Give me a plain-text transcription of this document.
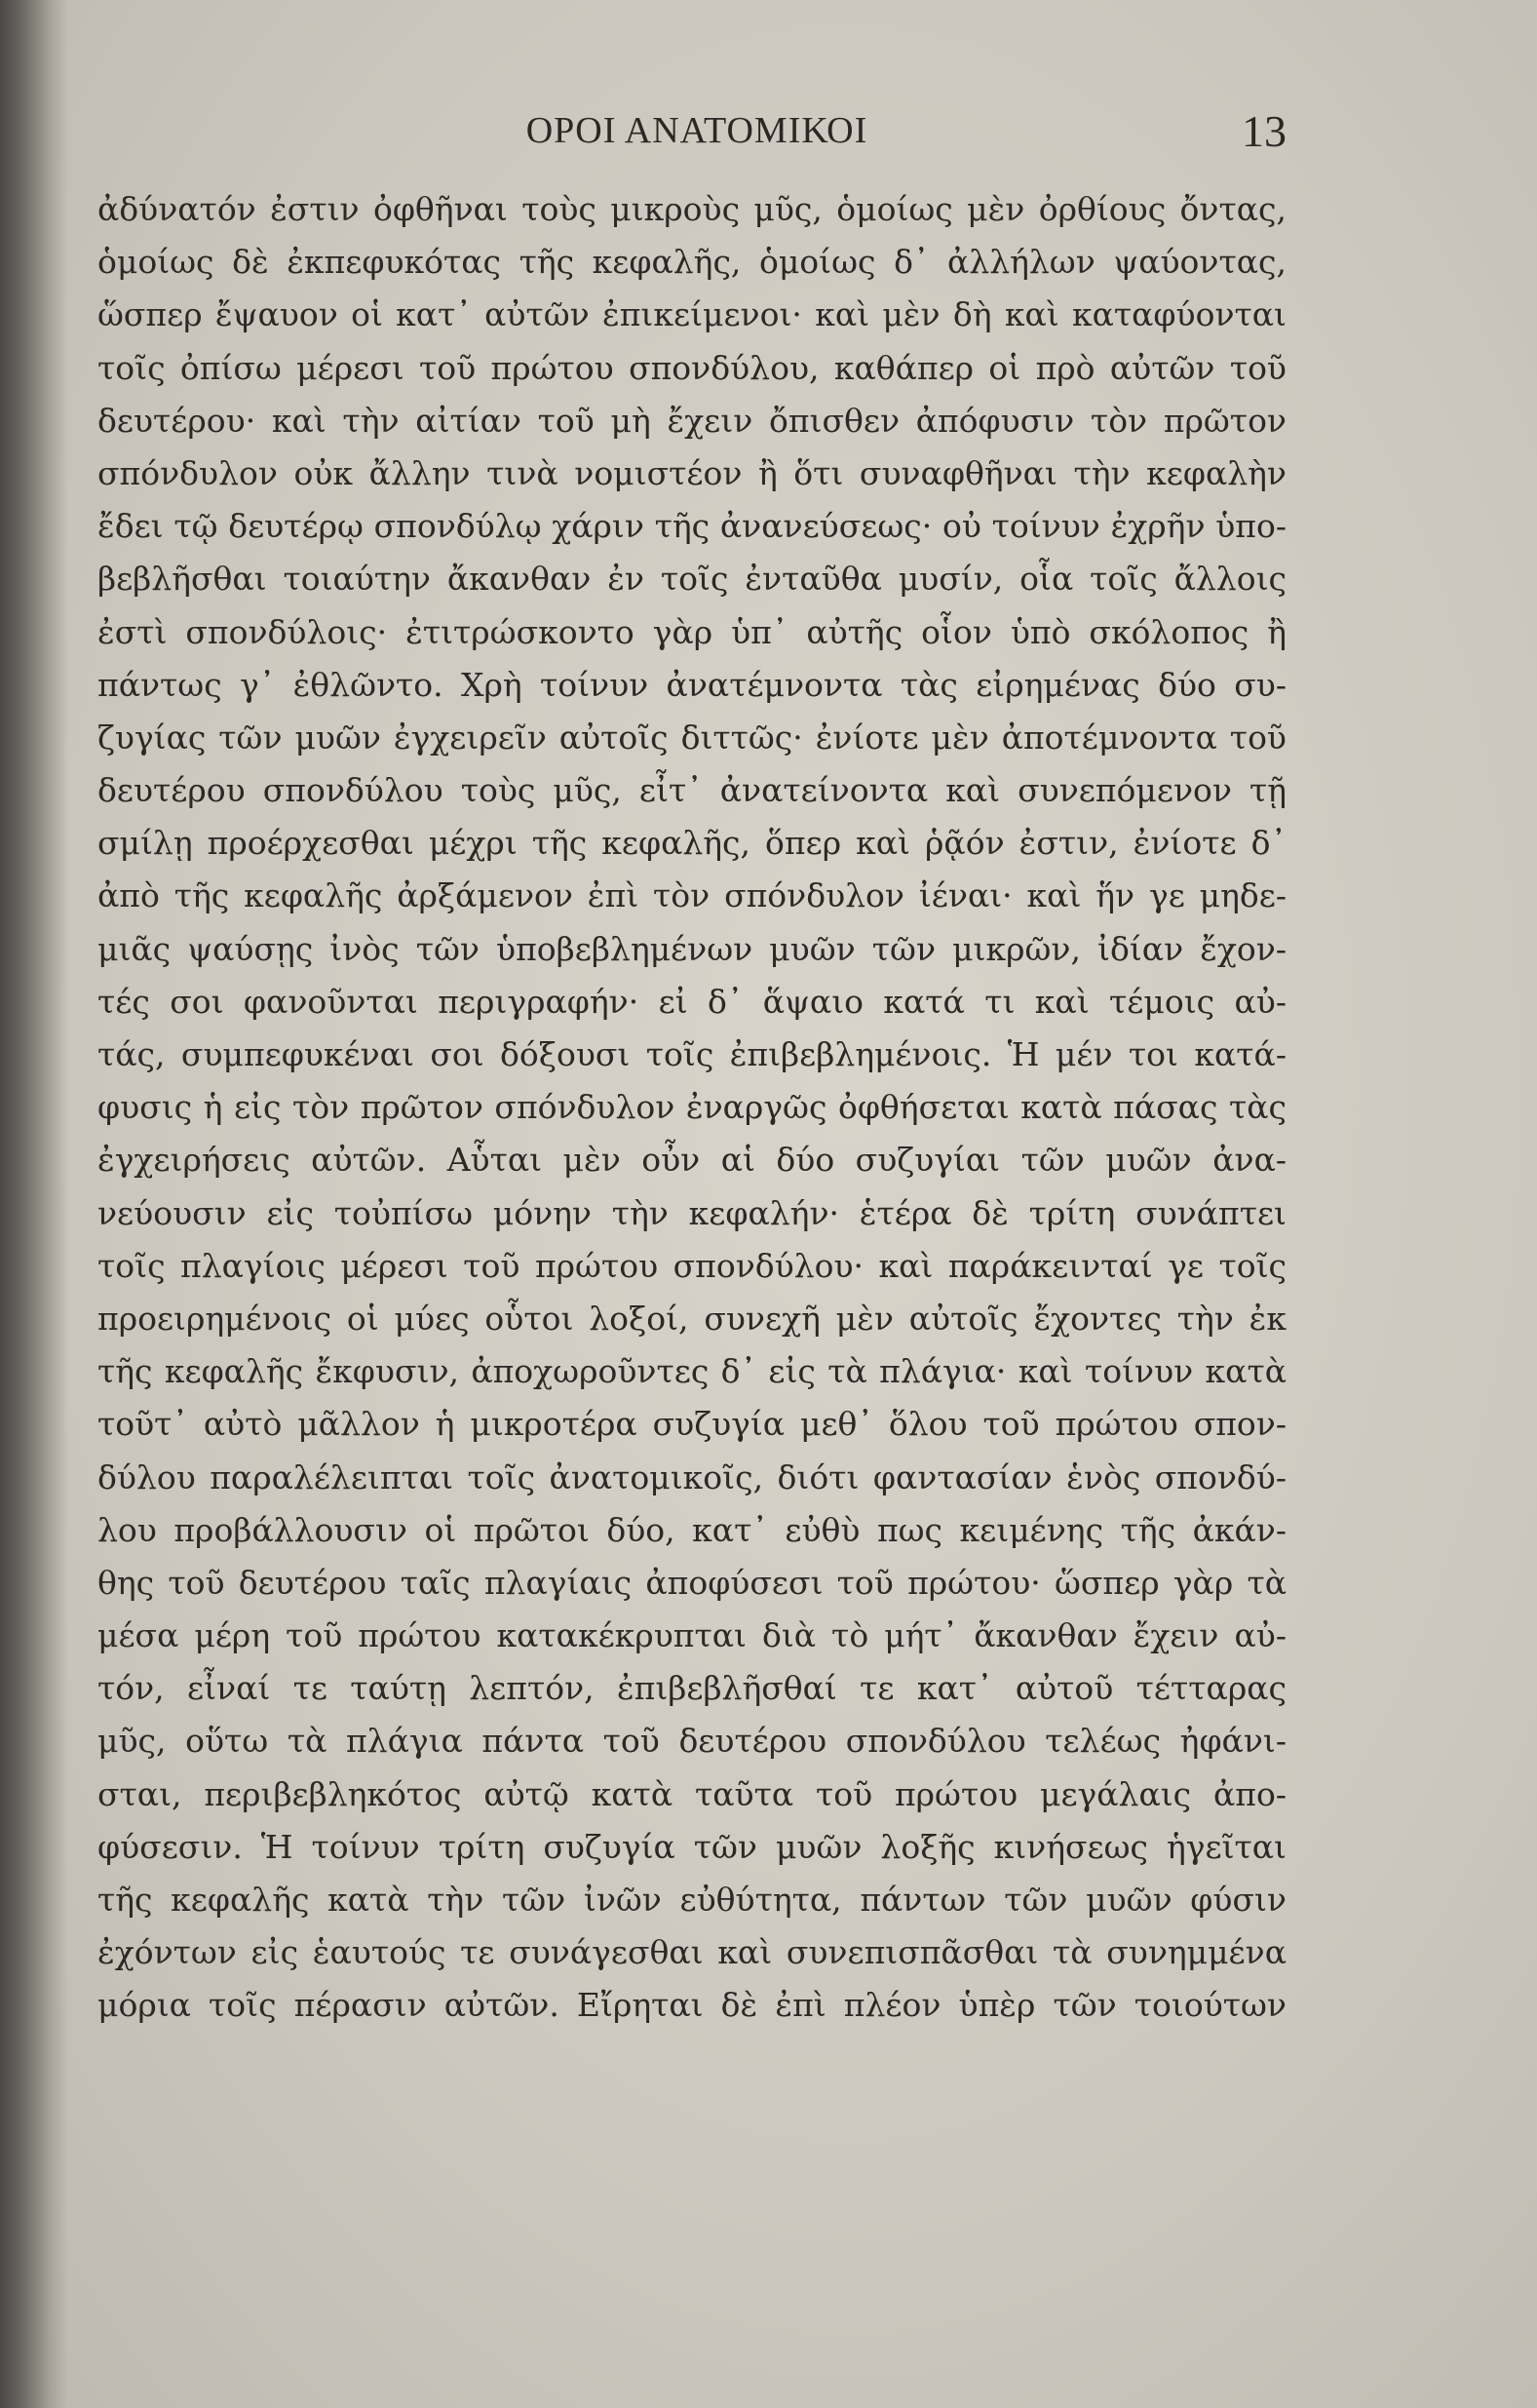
ΟΡΟΙ ΑΝΑΤΟΜΙΚΟΙ	13
ἀδύνατόν ἐστιν ὀφθῆναι τοὺς μικροὺς μῦς, ὁμοίως μὲν ὀρθίους ὄντας,
ὁμοίως δὲ ἐκπεφυκότας τῆς κεφαλῆς, ὁμοίως δ᾽ ἀλλήλων ψαύοντας,
ὥσπερ ἔψαυον οἱ κατ᾽ αὐτῶν ἐπικείμενοι· καὶ μὲν δὴ καὶ καταφύονται
τοῖς ὀπίσω μέρεσι τοῦ πρώτου σπονδύλου, καθάπερ οἱ πρὸ αὐτῶν τοῦ
δευτέρου· καὶ τὴν αἰτίαν τοῦ μὴ ἔχειν ὄπισθεν ἀπόφυσιν τὸν πρῶτον
σπόνδυλον οὐκ ἄλλην τινὰ νομιστέον ἢ ὅτι συναφθῆναι τὴν κεφαλὴν
ἔδει τῷ δευτέρῳ σπονδύλῳ χάριν τῆς ἀνανεύσεως· οὐ τοίνυν ἐχρῆν ὑπο-
βεβλῆσθαι τοιαύτην ἄκανθαν ἐν τοῖς ἐνταῦθα μυσίν, οἷα τοῖς ἄλλοις
ἐστὶ σπονδύλοις· ἐτιτρώσκοντο γὰρ ὑπ᾽ αὐτῆς οἷον ὑπὸ σκόλοπος ἢ
πάντως γ᾽ ἐθλῶντο. Χρὴ τοίνυν ἀνατέμνοντα τὰς εἰρημένας δύο συ-
ζυγίας τῶν μυῶν ἐγχειρεῖν αὐτοῖς διττῶς· ἐνίοτε μὲν ἀποτέμνοντα τοῦ
δευτέρου σπονδύλου τοὺς μῦς, εἶτ᾽ ἀνατείνοντα καὶ συνεπόμενον τῇ
σμίλῃ προέρχεσθαι μέχρι τῆς κεφαλῆς, ὅπερ καὶ ῥᾷόν ἐστιν, ἐνίοτε δ᾽
ἀπὸ τῆς κεφαλῆς ἀρξάμενον ἐπὶ τὸν σπόνδυλον ἰέναι· καὶ ἥν γε μηδε-
μιᾶς ψαύσῃς ἰνὸς τῶν ὑποβεβλημένων μυῶν τῶν μικρῶν, ἰδίαν ἔχον-
τές σοι φανοῦνται περιγραφήν· εἰ δ᾽ ἅψαιο κατά τι καὶ τέμοις αὐ-
τάς, συμπεφυκέναι σοι δόξουσι τοῖς ἐπιβεβλημένοις. Ἡ μέν τοι κατά-
φυσις ἡ εἰς τὸν πρῶτον σπόνδυλον ἐναργῶς ὀφθήσεται κατὰ πάσας τὰς
ἐγχειρήσεις αὐτῶν. Αὗται μὲν οὖν αἱ δύο συζυγίαι τῶν μυῶν ἀνα-
νεύουσιν εἰς τοὐπίσω μόνην τὴν κεφαλήν· ἑτέρα δὲ τρίτη συνάπτει
τοῖς πλαγίοις μέρεσι τοῦ πρώτου σπονδύλου· καὶ παράκεινταί γε τοῖς
προειρημένοις οἱ μύες οὗτοι λοξοί, συνεχῆ μὲν αὐτοῖς ἔχοντες τὴν ἐκ
τῆς κεφαλῆς ἔκφυσιν, ἀποχωροῦντες δ᾽ εἰς τὰ πλάγια· καὶ τοίνυν κατὰ
τοῦτ᾽ αὐτὸ μᾶλλον ἡ μικροτέρα συζυγία μεθ᾽ ὅλου τοῦ πρώτου σπον-
δύλου παραλέλειπται τοῖς ἀνατομικοῖς, διότι φαντασίαν ἑνὸς σπονδύ-
λου προβάλλουσιν οἱ πρῶτοι δύο, κατ᾽ εὐθὺ πως κειμένης τῆς ἀκάν-
θης τοῦ δευτέρου ταῖς πλαγίαις ἀποφύσεσι τοῦ πρώτου· ὥσπερ γὰρ τὰ
μέσα μέρη τοῦ πρώτου κατακέκρυπται διὰ τὸ μήτ᾽ ἄκανθαν ἔχειν αὐ-
τόν, εἶναί τε ταύτῃ λεπτόν, ἐπιβεβλῆσθαί τε κατ᾽ αὐτοῦ τέτταρας
μῦς, οὕτω τὰ πλάγια πάντα τοῦ δευτέρου σπονδύλου τελέως ἠφάνι-
σται, περιβεβληκότος αὐτῷ κατὰ ταῦτα τοῦ πρώτου μεγάλαις ἀπο-
φύσεσιν. Ἡ τοίνυν τρίτη συζυγία τῶν μυῶν λοξῆς κινήσεως ἡγεῖται
τῆς κεφαλῆς κατὰ τὴν τῶν ἰνῶν εὐθύτητα, πάντων τῶν μυῶν φύσιν
ἐχόντων εἰς ἑαυτούς τε συνάγεσθαι καὶ συνεπισπᾶσθαι τὰ συνημμένα
μόρια τοῖς πέρασιν αὐτῶν. Εἴρηται δὲ ἐπὶ πλέον ὑπὲρ τῶν τοιούτων
